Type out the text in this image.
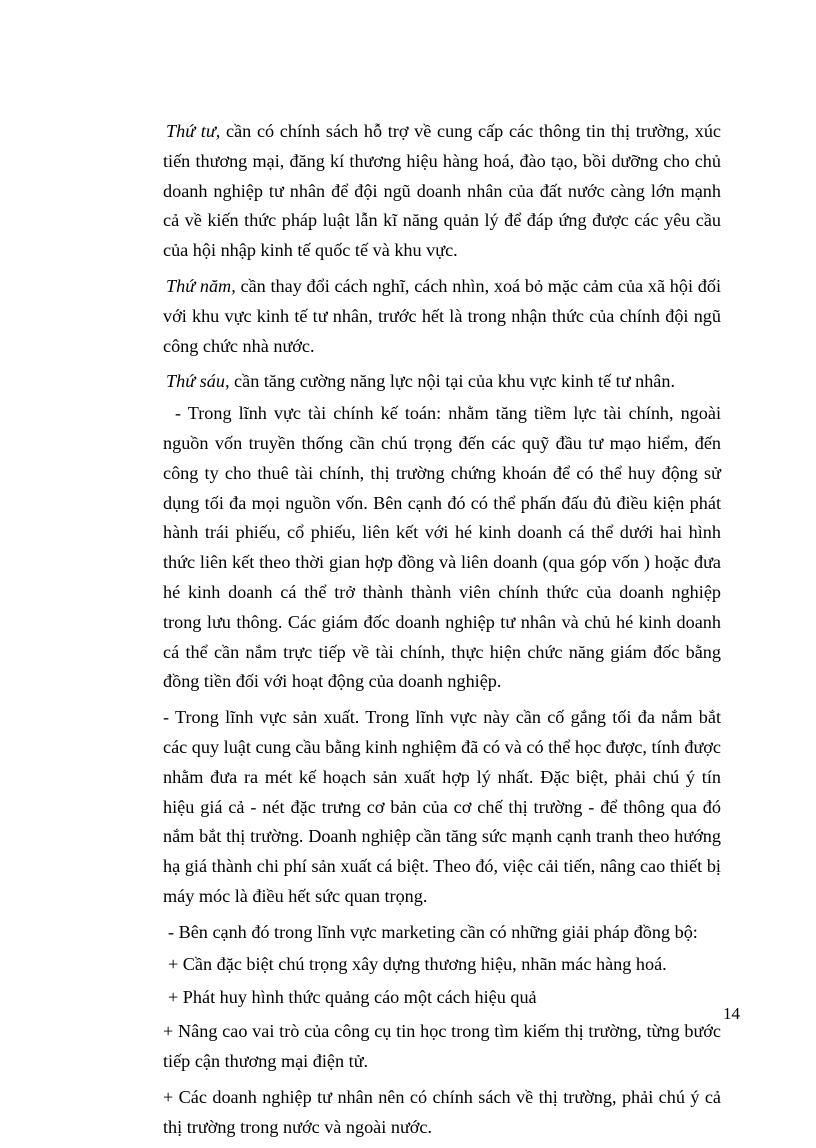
Thứ tư, cần có chính sách hỗ trợ về cung cấp các thông tin thị trường, xúc tiến thương mại, đăng kí thương hiệu hàng hoá, đào tạo, bồi dưỡng cho chủ doanh nghiệp tư nhân để đội ngũ doanh nhân của đất nước càng lớn mạnh cả về kiến thức pháp luật lẫn kĩ năng quản lý để đáp ứng được các yêu cầu của hội nhập kinh tế quốc tế và khu vực.

Thứ năm, cần thay đổi cách nghĩ, cách nhìn, xoá bỏ mặc cảm của xã hội đối với khu vực kinh tế tư nhân, trước hết là trong nhận thức của chính đội ngũ công chức nhà nước.

Thứ sáu, cần tăng cường năng lực nội tại của khu vực kinh tế tư nhân.

- Trong lĩnh vực tài chính kế toán: nhằm tăng tiềm lực tài chính, ngoài nguồn vốn truyền thống cần chú trọng đến các quỹ đầu tư mạo hiểm, đến công ty cho thuê tài chính, thị trường chứng khoán để có thể huy động sử dụng tối đa mọi nguồn vốn. Bên cạnh đó có thể phấn đấu đủ điều kiện phát hành trái phiếu, cổ phiếu, liên kết với hé kinh doanh cá thể dưới hai hình thức liên kết theo thời gian hợp đồng và liên doanh (qua góp vốn ) hoặc đưa hé kinh doanh cá thể trở thành thành viên chính thức của doanh nghiệp trong lưu thông. Các giám đốc doanh nghiệp tư nhân và chủ hé kinh doanh cá thể cần nắm trực tiếp về tài chính, thực hiện chức năng giám đốc bằng đồng tiền đối với hoạt động của doanh nghiệp.

- Trong lĩnh vực sản xuất. Trong lĩnh vực này cần cố gắng tối đa nắm bắt các quy luật cung cầu bằng kinh nghiệm đã có và có thể học được, tính được nhằm đưa ra mét kế hoạch sản xuất hợp lý nhất. Đặc biệt, phải chú ý tín hiệu giá cả - nét đặc trưng cơ bản của cơ chế thị trường - để thông qua đó nắm bắt thị trường. Doanh nghiệp cần tăng sức mạnh cạnh tranh theo hướng hạ giá thành chi phí sản xuất cá biệt. Theo đó, việc cải tiến, nâng cao thiết bị máy móc là điều hết sức quan trọng.

- Bên cạnh đó trong lĩnh vực marketing cần có những giải pháp đồng bộ:

+ Cần đặc biệt chú trọng xây dựng thương hiệu, nhãn mác hàng hoá.

+ Phát huy hình thức quảng cáo một cách hiệu quả

+ Nâng cao vai trò của công cụ tin học trong tìm kiếm thị trường, từng bước tiếp cận thương mại điện tử.

+ Các doanh nghiệp tư nhân nên có chính sách về thị trường, phải chú ý cả thị trường trong nước và ngoài nước.

14
